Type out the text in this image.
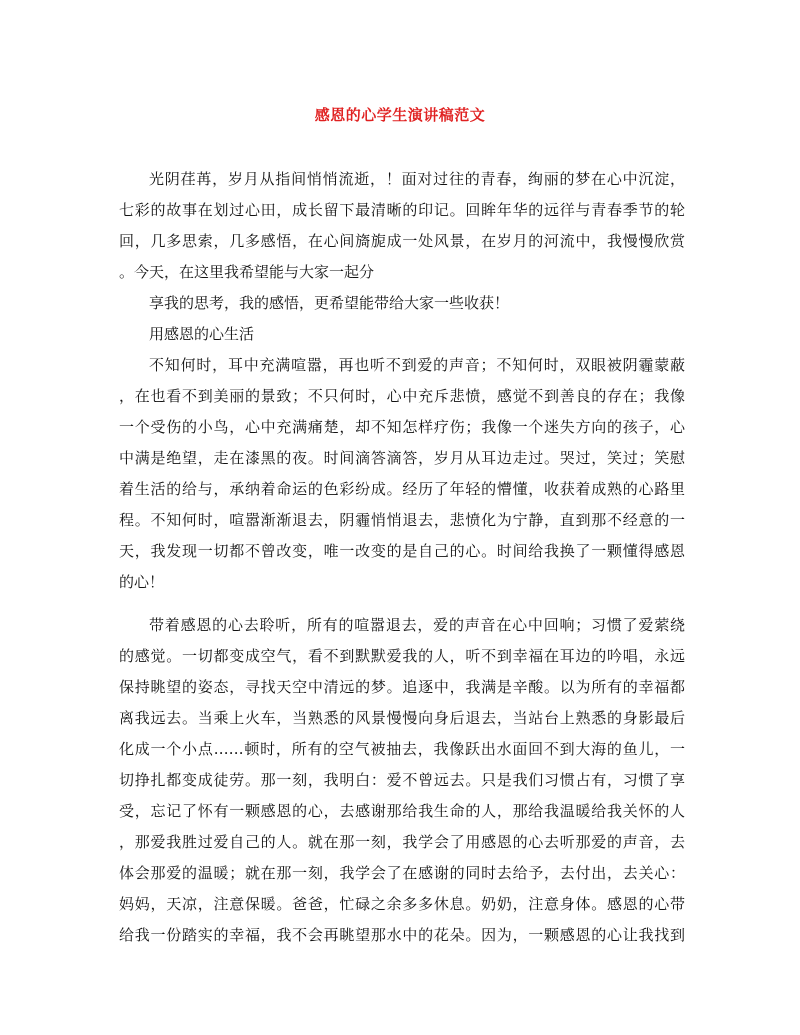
感恩的心学生演讲稿范文
光阴荏苒，岁月从指间悄悄流逝，！面对过往的青春，绚丽的梦在心中沉淀，
七彩的故事在划过心田，成长留下最清晰的印记。回眸年华的远徉与青春季节的轮
回，几多思索，几多感悟，在心间旖旎成一处风景，在岁月的河流中，我慢慢欣赏
。今天，在这里我希望能与大家一起分
享我的思考，我的感悟，更希望能带给大家一些收获！
用感恩的心生活
不知何时，耳中充满喧嚣，再也听不到爱的声音；不知何时，双眼被阴霾蒙蔽
，在也看不到美丽的景致；不只何时，心中充斥悲愤，感觉不到善良的存在；我像
一个受伤的小鸟，心中充满痛楚，却不知怎样疗伤；我像一个迷失方向的孩子，心
中满是绝望，走在漆黑的夜。时间滴答滴答，岁月从耳边走过。哭过，笑过；笑慰
着生活的给与，承纳着命运的色彩纷成。经历了年轻的懵懂，收获着成熟的心路里
程。不知何时，喧嚣渐渐退去，阴霾悄悄退去，悲愤化为宁静，直到那不经意的一
天，我发现一切都不曾改变，唯一改变的是自己的心。时间给我换了一颗懂得感恩
的心！
带着感恩的心去聆听，所有的喧嚣退去，爱的声音在心中回响；习惯了爱萦绕
的感觉。一切都变成空气，看不到默默爱我的人，听不到幸福在耳边的吟唱，永远
保持眺望的姿态，寻找天空中清远的梦。追逐中，我满是辛酸。以为所有的幸福都
离我远去。当乘上火车，当熟悉的风景慢慢向身后退去，当站台上熟悉的身影最后
化成一个小点……顿时，所有的空气被抽去，我像跃出水面回不到大海的鱼儿，一
切挣扎都变成徒劳。那一刻，我明白：爱不曾远去。只是我们习惯占有，习惯了享
受，忘记了怀有一颗感恩的心，去感谢那给我生命的人，那给我温暖给我关怀的人
，那爱我胜过爱自己的人。就在那一刻，我学会了用感恩的心去听那爱的声音，去
体会那爱的温暖；就在那一刻，我学会了在感谢的同时去给予，去付出，去关心：
妈妈，天凉，注意保暖。爸爸，忙碌之余多多休息。奶奶，注意身体。感恩的心带
给我一份踏实的幸福，我不会再眺望那水中的花朵。因为，一颗感恩的心让我找到
